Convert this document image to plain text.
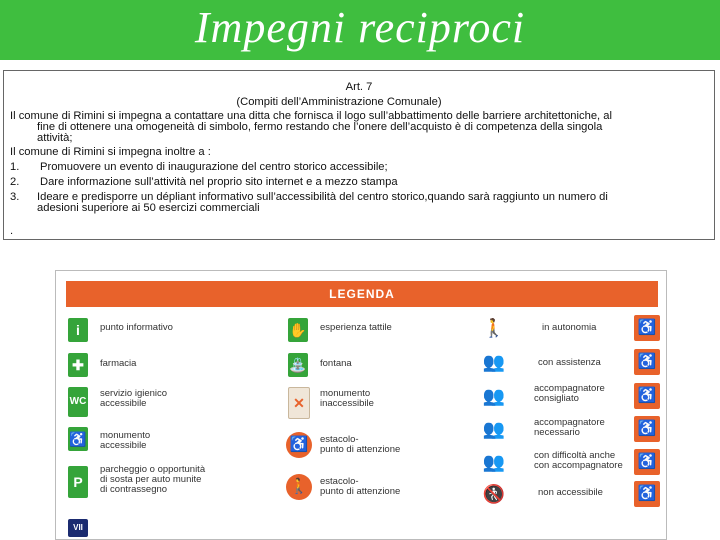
Impegni reciproci
Art. 7
(Compiti dell’Amministrazione Comunale)
Il comune di Rimini si impegna a contattare una ditta che fornisca il logo sull’abbattimento delle barriere architettoniche, al
fine di ottenere una omogeneità di simbolo, fermo restando che l’onere dell’acquisto è di competenza della singola
attività;
Il comune di Rimini si impegna inoltre a :
1. Promuovere un evento di inaugurazione del centro storico accessibile;
2. Dare informazione sull’attività nel proprio sito internet e a mezzo stampa
3. Ideare e predisporre un dépliant informativo sull’accessibilità del centro storico,quando sarà raggiunto un numero di
adesioni superiore ai 50 esercizi commerciali
.
LEGENDA
i	punto informativo
✚	farmacia
WC
servizio igienico
accessibile
♿ monumento
accessibile
P
parcheggio o opportunità
di sosta per auto munite
di contrassegno
VII
✋ esperienza tattile
⛲ fontana
✕
monumento
inaccessibile
♿	estacolo-
punto di attenzione
🚶	estacolo-
punto di attenzione
🚶	in autonomia	♿
👥	con assistenza ♿
👥	accompagnatore
consigliato	♿
👥	accompagnatore
necessario	♿
👥	con difficoltà anche
con accompagnatore ♿
🚷	non accessibile ♿
